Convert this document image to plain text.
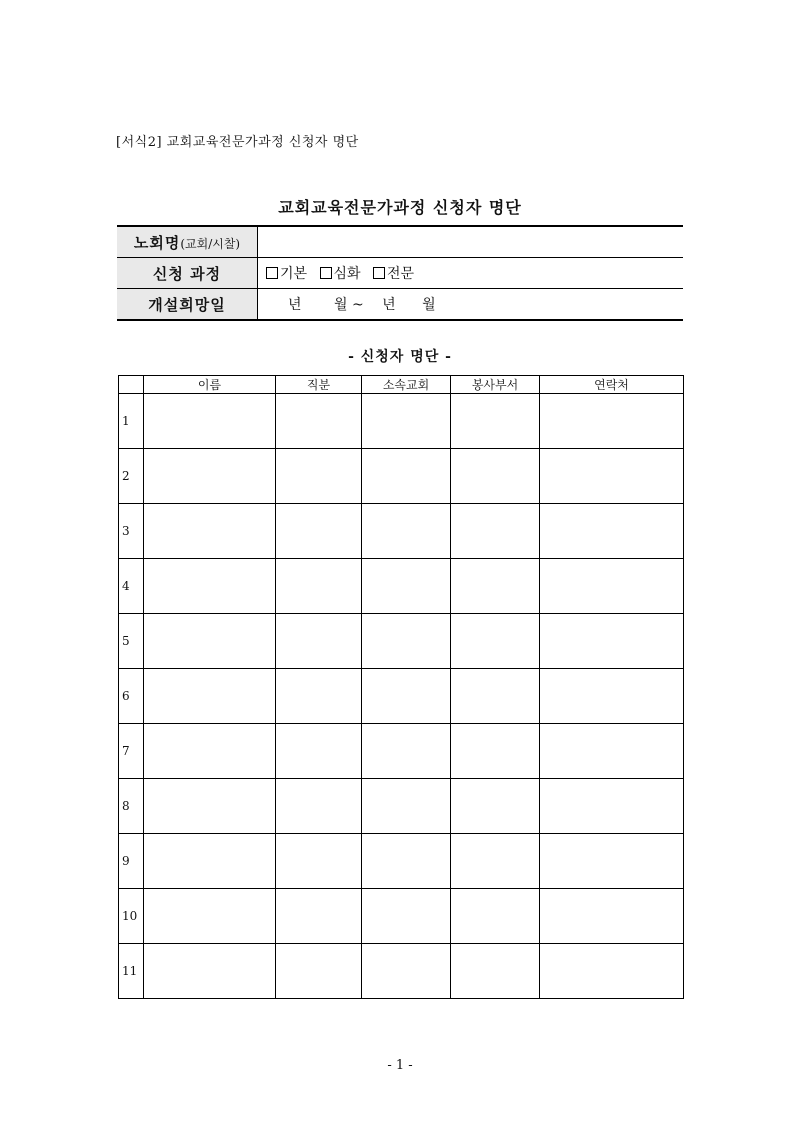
[서식2] 교회교육전문가과정 신청자 명단
교회교육전문가과정 신청자 명단
노회명(교회/시찰)	
신청 과정	기본 심화 전문
개설희망일	년 월 ~ 년 월
- 신청자 명단 -
	이름	직분	소속교회	봉사부서	연락처
1					
2					
3					
4					
5					
6					
7					
8					
9					
10					
11					
- 1 -
